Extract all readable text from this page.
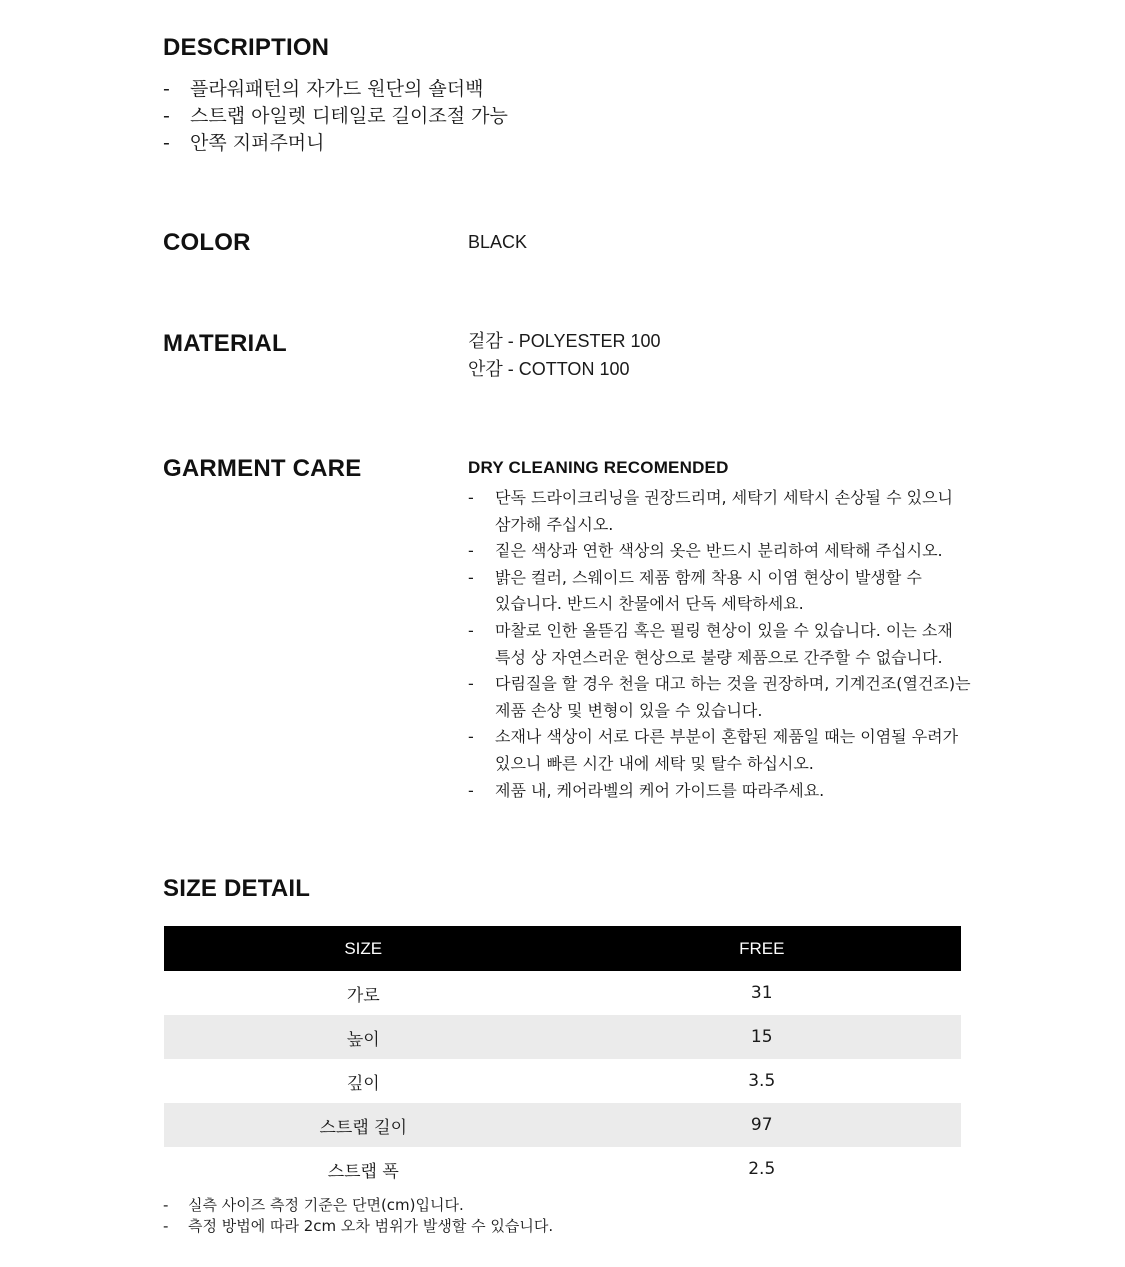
DESCRIPTION
- 플라워패턴의 자가드 원단의 숄더백
- 스트랩 아일렛 디테일로 길이조절 가능
- 안쪽 지퍼주머니
COLOR	BLACK
MATERIAL	겉감 - POLYESTER 100
안감 - COTTON 100
GARMENT CARE	DRY CLEANING RECOMENDED
- 단독 드라이크리닝을 권장드리며, 세탁기 세탁시 손상될 수 있으니
삼가해 주십시오.
- 짙은 색상과 연한 색상의 옷은 반드시 분리하여 세탁해 주십시오.
- 밝은 컬러, 스웨이드 제품 함께 착용 시 이염 현상이 발생할 수
있습니다. 반드시 찬물에서 단독 세탁하세요.
- 마찰로 인한 올뜯김 혹은 필링 현상이 있을 수 있습니다. 이는 소재
특성 상 자연스러운 현상으로 불량 제품으로 간주할 수 없습니다.
- 다림질을 할 경우 천을 대고 하는 것을 권장하며, 기계건조(열건조)는
제품 손상 및 변형이 있을 수 있습니다.
- 소재나 색상이 서로 다른 부분이 혼합된 제품일 때는 이염될 우려가
있으니 빠른 시간 내에 세탁 및 탈수 하십시오.
- 제품 내, 케어라벨의 케어 가이드를 따라주세요.
SIZE DETAIL
SIZE	FREE
가로	31
높이	15
깊이	3.5
스트랩 길이	97
스트랩 폭	2.5
- 실측 사이즈 측정 기준은 단면(cm)입니다.
- 측정 방법에 따라 2cm 오차 범위가 발생할 수 있습니다.
